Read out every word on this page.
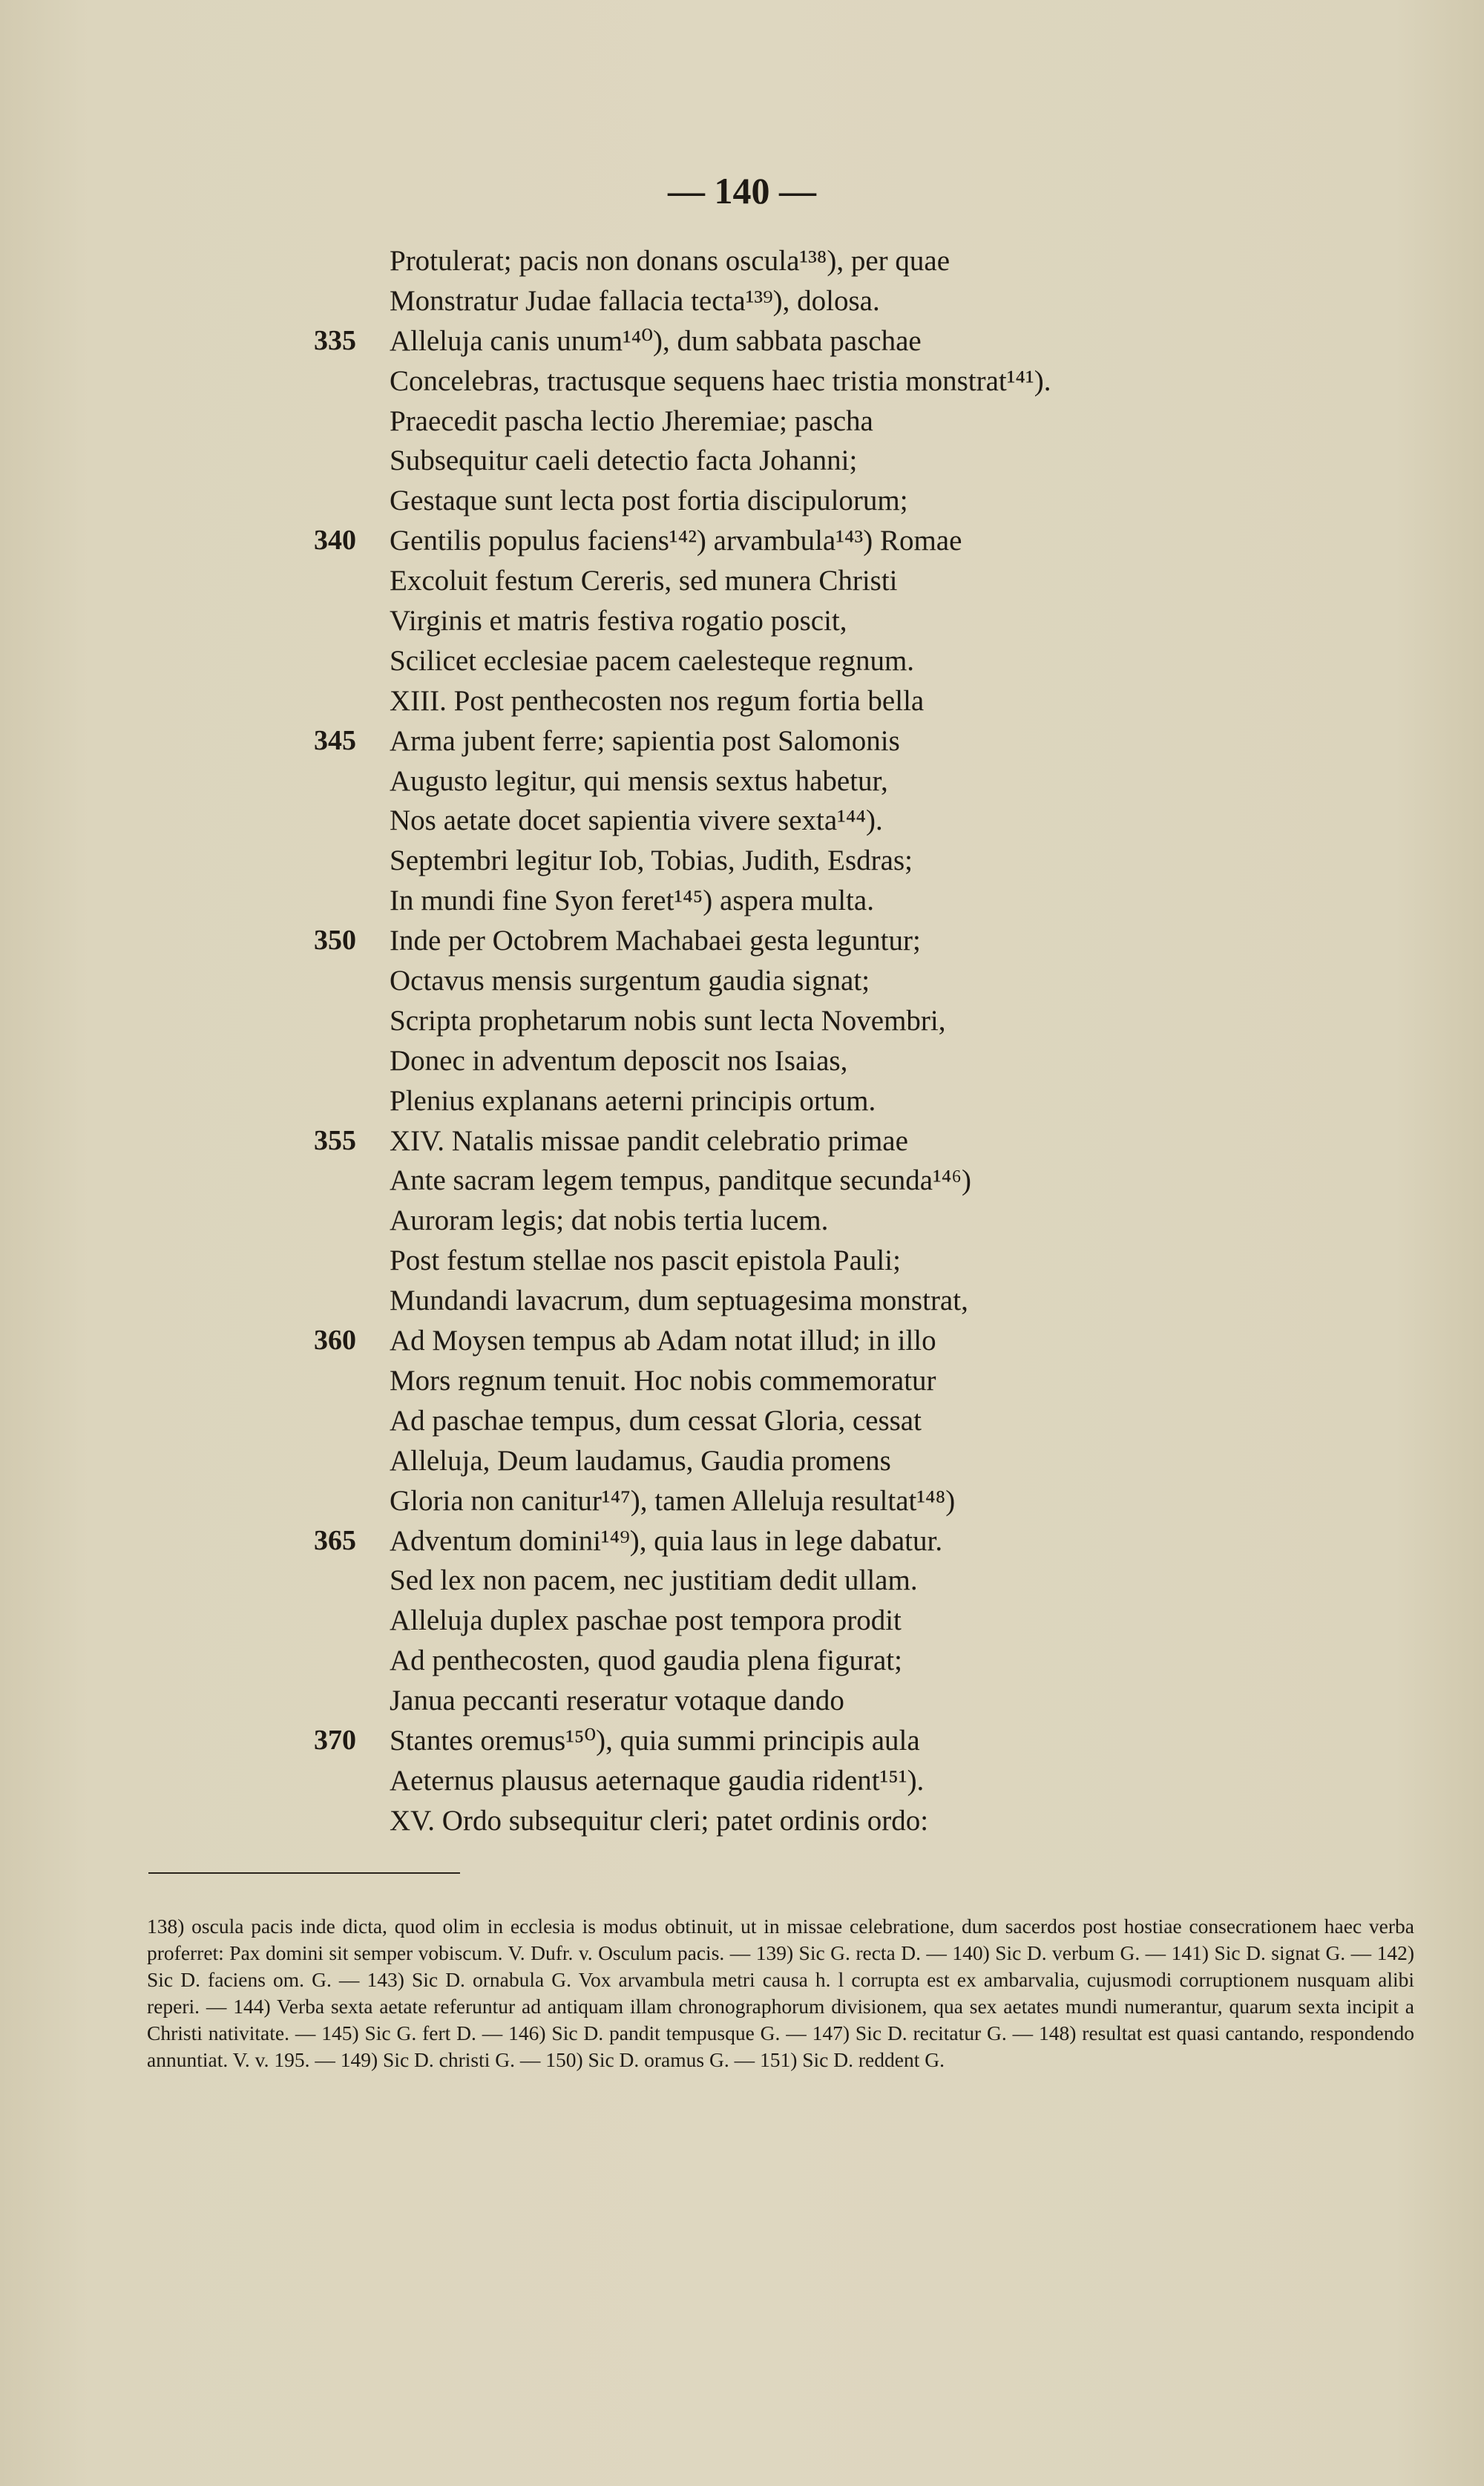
— 140 —
Protulerat; pacis non donans oscula¹³⁸), per quae
Monstratur Judae fallacia tecta¹³⁹), dolosa.
335 Alleluja canis unum¹⁴⁰), dum sabbata paschae
Concelebras, tractusque sequens haec tristia monstrat¹⁴¹).
Praecedit pascha lectio Jheremiae; pascha
Subsequitur caeli detectio facta Johanni;
Gestaque sunt lecta post fortia discipulorum;
340 Gentilis populus faciens¹⁴²) arvambula¹⁴³) Romae
Excoluit festum Cereris, sed munera Christi
Virginis et matris festiva rogatio poscit,
Scilicet ecclesiae pacem caelesteque regnum.
XIII. Post penthecosten nos regum fortia bella
345 Arma jubent ferre; sapientia post Salomonis
Augusto legitur, qui mensis sextus habetur,
Nos aetate docet sapientia vivere sexta¹⁴⁴).
Septembri legitur Iob, Tobias, Judith, Esdras;
In mundi fine Syon feret¹⁴⁵) aspera multa.
350 Inde per Octobrem Machabaei gesta leguntur;
Octavus mensis surgentum gaudia signat;
Scripta prophetarum nobis sunt lecta Novembri,
Donec in adventum deposcit nos Isaias,
Plenius explanans aeterni principis ortum.
355 XIV. Natalis missae pandit celebratio primae
Ante sacram legem tempus, panditque secunda¹⁴⁶)
Auroram legis; dat nobis tertia lucem.
Post festum stellae nos pascit epistola Pauli;
Mundandi lavacrum, dum septuagesima monstrat,
360 Ad Moysen tempus ab Adam notat illud; in illo
Mors regnum tenuit. Hoc nobis commemoratur
Ad paschae tempus, dum cessat Gloria, cessat
Alleluja, Deum laudamus, Gaudia promens
Gloria non canitur¹⁴⁷), tamen Alleluja resultat¹⁴⁸)
365 Adventum domini¹⁴⁹), quia laus in lege dabatur.
Sed lex non pacem, nec justitiam dedit ullam.
Alleluja duplex paschae post tempora prodit
Ad penthecosten, quod gaudia plena figurat;
Janua peccanti reseratur votaque dando
370 Stantes oremus¹⁵⁰), quia summi principis aula
Aeternus plausus aeternaque gaudia rident¹⁵¹).
XV. Ordo subsequitur cleri; patet ordinis ordo:
138) oscula pacis inde dicta, quod olim in ecclesia is modus obtinuit, ut in missae celebratione, dum sacerdos post hostiae consecrationem haec verba proferret: Pax domini sit semper vobiscum. V. Dufr. v. Osculum pacis. — 139) Sic G. recta D. — 140) Sic D. verbum G. — 141) Sic D. signat G. — 142) Sic D. faciens om. G. — 143) Sic D. ornabula G. Vox arvambula metri causa h. l corrupta est ex ambarvalia, cujusmodi corruptionem nusquam alibi reperi. — 144) Verba sexta aetate referuntur ad antiquam illam chronographorum divisionem, qua sex aetates mundi numerantur, quarum sexta incipit a Christi nativitate. — 145) Sic G. fert D. — 146) Sic D. pandit tempusque G. — 147) Sic D. recitatur G. — 148) resultat est quasi cantando, respondendo annuntiat. V. v. 195. — 149) Sic D. christi G. — 150) Sic D. oramus G. — 151) Sic D. reddent G.
